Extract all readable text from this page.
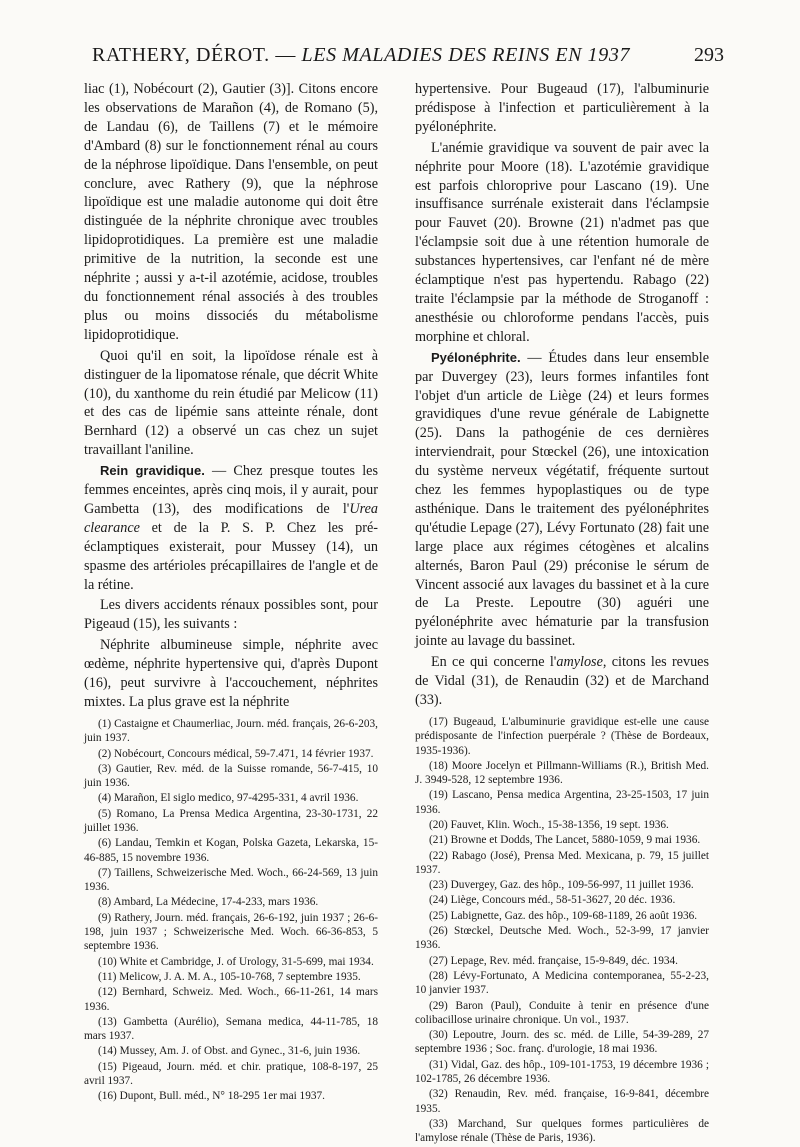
RATHERY, DÉROT. — LES MALADIES DES REINS EN 1937	293

liac (1), Nobécourt (2), Gautier (3)]. Citons encore les observations de Marañon (4), de Romano (5), de Landau (6), de Taillens (7) et le mémoire d'Ambard (8) sur le fonctionnement rénal au cours de la néphrose lipoïdique. Dans l'ensemble, on peut conclure, avec Rathery (9), que la néphrose lipoïdique est une maladie autonome qui doit être distinguée de la néphrite chronique avec troubles lipidoprotidiques. La première est une maladie primitive de la nutrition, la seconde est une néphrite ; aussi y a-t-il azotémie, acidose, troubles du fonctionnement rénal associés à des troubles plus ou moins dissociés du métabolisme lipidoprotidique.

Quoi qu'il en soit, la lipoïdose rénale est à distinguer de la lipomatose rénale, que décrit White (10), du xanthome du rein étudié par Melicow (11) et des cas de lipémie sans atteinte rénale, dont Bernhard (12) a observé un cas chez un sujet travaillant l'aniline.

Rein gravidique. — Chez presque toutes les femmes enceintes, après cinq mois, il y aurait, pour Gambetta (13), des modifications de l'Urea clearance et de la P. S. P. Chez les pré-éclamptiques existerait, pour Mussey (14), un spasme des artérioles précapillaires de l'angle et de la rétine.

Les divers accidents rénaux possibles sont, pour Pigeaud (15), les suivants :

Néphrite albumineuse simple, néphrite avec œdème, néphrite hypertensive qui, d'après Dupont (16), peut survivre à l'accouchement, néphrites mixtes. La plus grave est la néphrite

(1) Castaigne et Chaumerliac, Journ. méd. français, 26-6-203, juin 1937.

(2) Nobécourt, Concours médical, 59-7.471, 14 février 1937.

(3) Gautier, Rev. méd. de la Suisse romande, 56-7-415, 10 juin 1936.

(4) Marañon, El siglo medico, 97-4295-331, 4 avril 1936.

(5) Romano, La Prensa Medica Argentina, 23-30-1731, 22 juillet 1936.

(6) Landau, Temkin et Kogan, Polska Gazeta, Lekarska, 15-46-885, 15 novembre 1936.

(7) Taillens, Schweizerische Med. Woch., 66-24-569, 13 juin 1936.

(8) Ambard, La Médecine, 17-4-233, mars 1936.

(9) Rathery, Journ. méd. français, 26-6-192, juin 1937 ; 26-6-198, juin 1937 ; Schweizerische Med. Woch. 66-36-853, 5 septembre 1936.

(10) White et Cambridge, J. of Urology, 31-5-699, mai 1934.

(11) Melicow, J. A. M. A., 105-10-768, 7 septembre 1935.

(12) Bernhard, Schweiz. Med. Woch., 66-11-261, 14 mars 1936.

(13) Gambetta (Aurélio), Semana medica, 44-11-785, 18 mars 1937.

(14) Mussey, Am. J. of Obst. and Gynec., 31-6, juin 1936.

(15) Pigeaud, Journ. méd. et chir. pratique, 108-8-197, 25 avril 1937.

(16) Dupont, Bull. méd., N° 18-295 1er mai 1937.

hypertensive. Pour Bugeaud (17), l'albuminurie prédispose à l'infection et particulièrement à la pyélonéphrite.

L'anémie gravidique va souvent de pair avec la néphrite pour Moore (18). L'azotémie gravidique est parfois chloroprive pour Lascano (19). Une insuffisance surrénale existerait dans l'éclampsie pour Fauvet (20). Browne (21) n'admet pas que l'éclampsie soit due à une rétention humorale de substances hypertensives, car l'enfant né de mère éclamptique n'est pas hypertendu. Rabago (22) traite l'éclampsie par la méthode de Stroganoff : anesthésie ou chloroforme pendans l'accès, puis morphine et chloral.

Pyélonéphrite. — Études dans leur ensemble par Duvergey (23), leurs formes infantiles font l'objet d'un article de Liège (24) et leurs formes gravidiques d'une revue générale de Labignette (25). Dans la pathogénie de ces dernières interviendrait, pour Stœckel (26), une intoxication du système nerveux végétatif, fréquente surtout chez les femmes hypoplastiques ou de type asthénique. Dans le traitement des pyélonéphrites qu'étudie Lepage (27), Lévy Fortunato (28) fait une large place aux régimes cétogènes et alcalins alternés, Baron Paul (29) préconise le sérum de Vincent associé aux lavages du bassinet et à la cure de La Preste. Lepoutre (30) aguéri une pyélonéphrite avec hématurie par la transfusion jointe au lavage du bassinet.

En ce qui concerne l'amylose, citons les revues de Vidal (31), de Renaudin (32) et de Marchand (33).

(17) Bugeaud, L'albuminurie gravidique est-elle une cause prédisposante de l'infection puerpérale ? (Thèse de Bordeaux, 1935-1936).

(18) Moore Jocelyn et Pillmann-Williams (R.), British Med. J. 3949-528, 12 septembre 1936.

(19) Lascano, Pensa medica Argentina, 23-25-1503, 17 juin 1936.

(20) Fauvet, Klin. Woch., 15-38-1356, 19 sept. 1936.

(21) Browne et Dodds, The Lancet, 5880-1059, 9 mai 1936.

(22) Rabago (José), Prensa Med. Mexicana, p. 79, 15 juillet 1937.

(23) Duvergey, Gaz. des hôp., 109-56-997, 11 juillet 1936.

(24) Liège, Concours méd., 58-51-3627, 20 déc. 1936.

(25) Labignette, Gaz. des hôp., 109-68-1189, 26 août 1936.

(26) Stœckel, Deutsche Med. Woch., 52-3-99, 17 janvier 1936.

(27) Lepage, Rev. méd. française, 15-9-849, déc. 1934.

(28) Lévy-Fortunato, A Medicina contemporanea, 55-2-23, 10 janvier 1937.

(29) Baron (Paul), Conduite à tenir en présence d'une colibacillose urinaire chronique. Un vol., 1937.

(30) Lepoutre, Journ. des sc. méd. de Lille, 54-39-289, 27 septembre 1936 ; Soc. franç. d'urologie, 18 mai 1936.

(31) Vidal, Gaz. des hôp., 109-101-1753, 19 décembre 1936 ; 102-1785, 26 décembre 1936.

(32) Renaudin, Rev. méd. française, 16-9-841, décembre 1935.

(33) Marchand, Sur quelques formes particulières de l'amylose rénale (Thèse de Paris, 1936).
